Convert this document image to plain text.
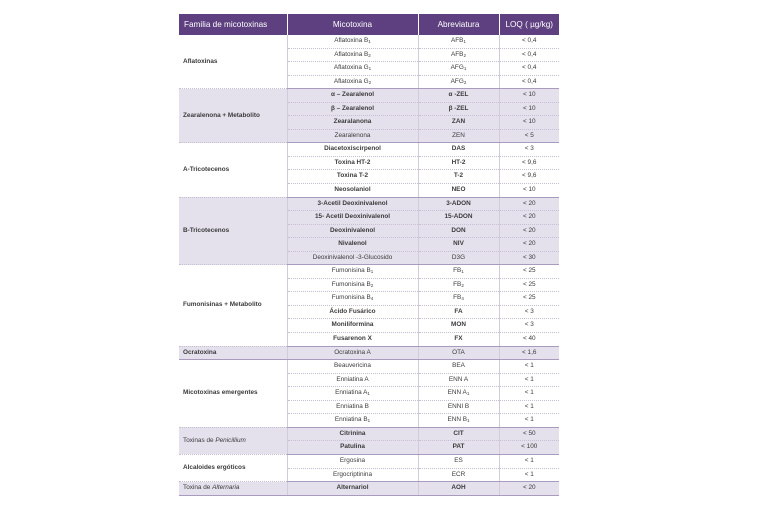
Familia de micotoxinas	Micotoxina	Abreviatura	LOQ ( µg/kg)
Aflatoxinas	Aflatoxina $B_1$	$AFB_1$	< 0,4
	Aflatoxina $B_2$	$AFB_2$	< 0,4
	Aflatoxina $G_1$	$AFG_1$	< 0,4
	Aflatoxina $G_2$	$AFG_2$	< 0,4
Zearalenona + Metabolito	α – Zearalenol	α -ZEL	< 10
	β – Zearalenol	β -ZEL	< 10
	Zearalanona	ZAN	< 10
	Zearalenona	ZEN	< 5
A-Tricotecenos	Diacetoxiscirpenol	DAS	< 3
	Toxina HT-2	HT-2	< 9,6
	Toxina T-2	T-2	< 9,6
	Neosolaniol	NEO	< 10
B-Tricotecenos	3-Acetil Deoxinivalenol	3-ADON	< 20
	15- Acetil Deoxinivalenol	15-ADON	< 20
	Deoxinivalenol	DON	< 20
	Nivalenol	NIV	< 20
	Deoxinivalenol -3-Glucosido	D3G	< 30
Fumonisinas + Metabolito	Fumonisina $B_1$	$FB_1$	< 25
	Fumonisina $B_2$	$FB_2$	< 25
	Fumonisina $B_4$	$FB_4$	< 25
	Ácido Fusárico	FA	< 3
	Moniliformina	MON	< 3
	Fusarenon X	FX	< 40
Ocratoxina	Ocratoxina A	OTA	< 1,6
Micotoxinas emergentes	Beauvericina	BEA	< 1
	Enniatina A	ENN A	< 1
	Enniatina $A_1$	ENN $A_1$	< 1
	Enniatina B	ENNI B	< 1
	Enniatina $B_1$	ENN $B_1$	< 1
Toxinas de Penicillium	Citrinina	CIT	< 50
	Patulina	PAT	< 100
Alcaloides ergóticos	Ergosina	ES	< 1
	Ergocriptinina	ECR	< 1
Toxina de Alternaria	Alternariol	AOH	< 20
